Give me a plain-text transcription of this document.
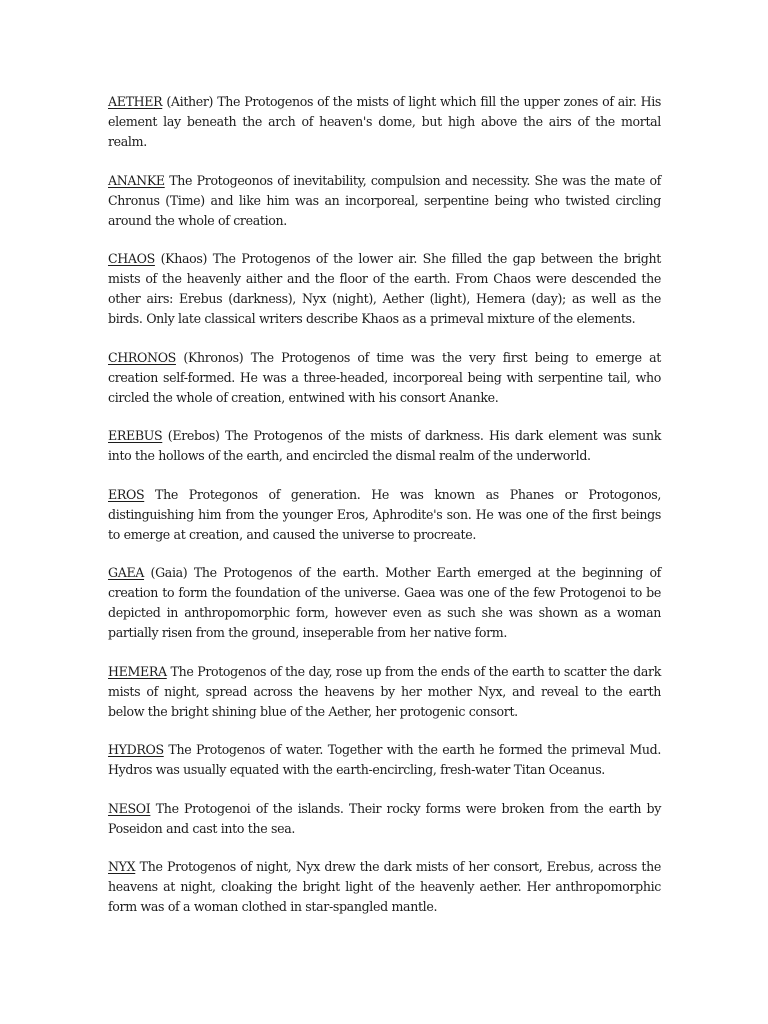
AETHER (Aither) The Protogenos of the mists of light which fill the upper zones of air. His element lay beneath the arch of heaven's dome, but high above the airs of the mortal realm.

ANANKE The Protogeonos of inevitability, compulsion and necessity. She was the mate of Chronus (Time) and like him was an incorporeal, serpentine being who twisted circling around the whole of creation.

CHAOS (Khaos) The Protogenos of the lower air. She filled the gap between the bright mists of the heavenly aither and the floor of the earth. From Chaos were descended the other airs: Erebus (darkness), Nyx (night), Aether (light), Hemera (day); as well as the birds. Only late classical writers describe Khaos as a primeval mixture of the elements.

CHRONOS (Khronos) The Protogenos of time was the very first being to emerge at creation self-formed. He was a three-headed, incorporeal being with serpentine tail, who circled the whole of creation, entwined with his consort Ananke.

EREBUS (Erebos) The Protogenos of the mists of darkness. His dark element was sunk into the hollows of the earth, and encircled the dismal realm of the underworld.

EROS The Protegonos of generation. He was known as Phanes or Protogonos, distinguishing him from the younger Eros, Aphrodite's son. He was one of the first beings to emerge at creation, and caused the universe to procreate.

GAEA (Gaia) The Protogenos of the earth. Mother Earth emerged at the beginning of creation to form the foundation of the universe. Gaea was one of the few Protogenoi to be depicted in anthropomorphic form, however even as such she was shown as a woman partially risen from the ground, inseperable from her native form.

HEMERA The Protogenos of the day, rose up from the ends of the earth to scatter the dark mists of night, spread across the heavens by her mother Nyx, and reveal to the earth below the bright shining blue of the Aether, her protogenic consort.

HYDROS The Protogenos of water. Together with the earth he formed the primeval Mud. Hydros was usually equated with the earth-encircling, fresh-water Titan Oceanus.

NESOI The Protogenoi of the islands. Their rocky forms were broken from the earth by Poseidon and cast into the sea.

NYX The Protogenos of night, Nyx drew the dark mists of her consort, Erebus, across the heavens at night, cloaking the bright light of the heavenly aether. Her anthropomorphic form was of a woman clothed in star-spangled mantle.
